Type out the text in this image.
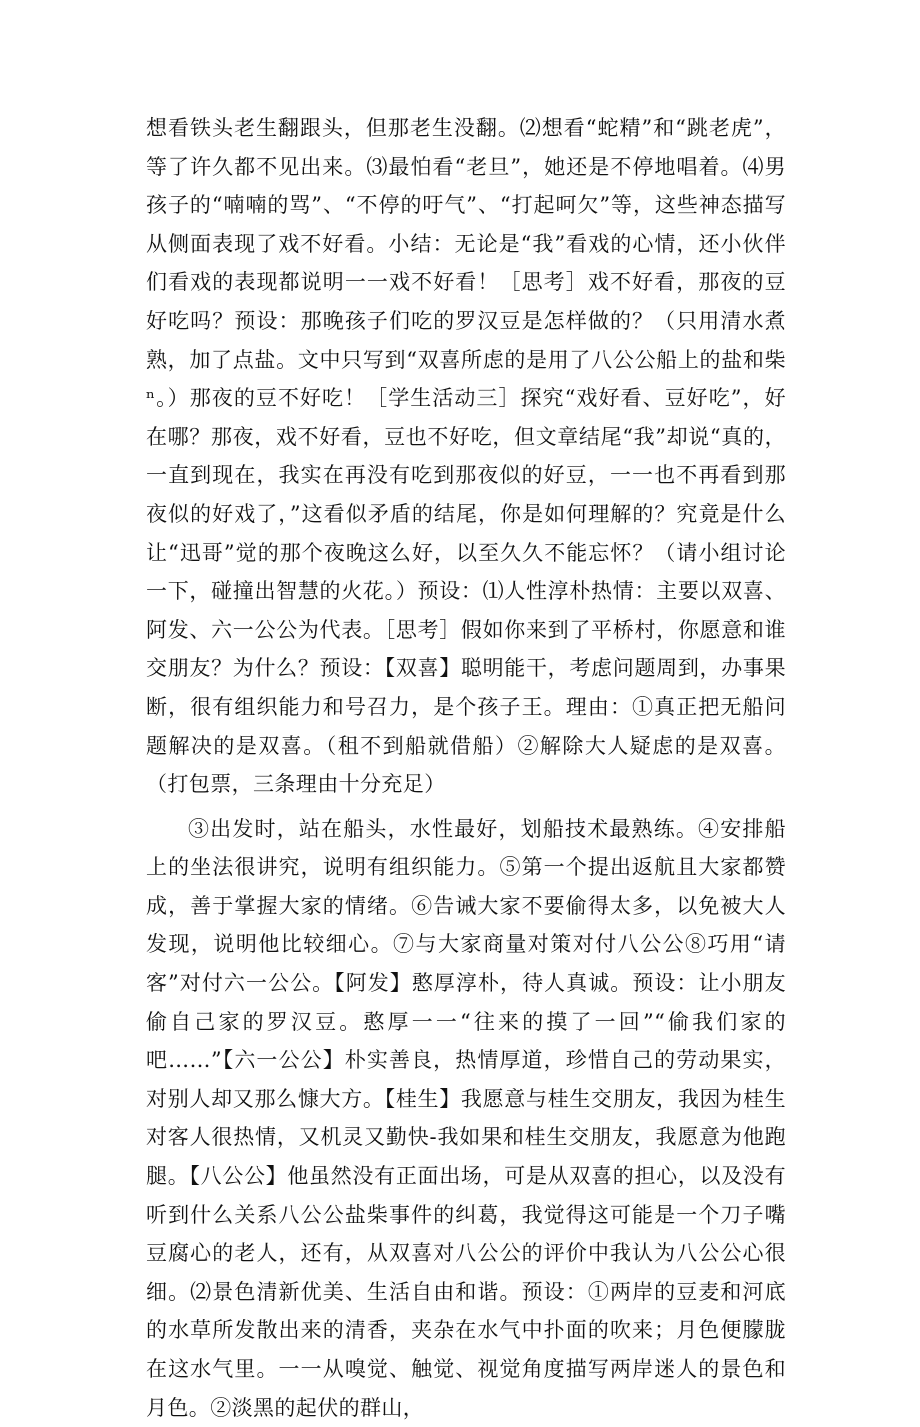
想看铁头老生翻跟头，但那老生没翻。⑵想看“蛇精”和“跳老虎”，等了许久都不见出来。⑶最怕看“老旦”，她还是不停地唱着。⑷男孩子的“喃喃的骂”、“不停的吁气”、“打起呵欠”等，这些神态描写从侧面表现了戏不好看。小结：无论是“我”看戏的心情，还小伙伴们看戏的表现都说明一一戏不好看！［思考］戏不好看，那夜的豆好吃吗？预设：那晚孩子们吃的罗汉豆是怎样做的？（只用清水煮熟，加了点盐。文中只写到“双喜所虑的是用了八公公船上的盐和柴ⁿ。）那夜的豆不好吃！［学生活动三］探究“戏好看、豆好吃”，好在哪？那夜，戏不好看，豆也不好吃，但文章结尾“我”却说“真的，一直到现在，我实在再没有吃到那夜似的好豆，一一也不再看到那夜似的好戏了，”这看似矛盾的结尾，你是如何理解的？究竟是什么让“迅哥”觉的那个夜晚这么好，以至久久不能忘怀？（请小组讨论一下，碰撞出智慧的火花。）预设：⑴人性淳朴热情：主要以双喜、阿发、六一公公为代表。［思考］假如你来到了平桥村，你愿意和谁交朋友？为什么？预设：【双喜】聪明能干，考虑问题周到，办事果断，很有组织能力和号召力，是个孩子王。理由：①真正把无船问题解决的是双喜。（租不到船就借船）②解除大人疑虑的是双喜。（打包票，三条理由十分充足）

③出发时，站在船头，水性最好，划船技术最熟练。④安排船上的坐法很讲究，说明有组织能力。⑤第一个提出返航且大家都赞成，善于掌握大家的情绪。⑥告诫大家不要偷得太多，以免被大人发现，说明他比较细心。⑦与大家商量对策对付八公公⑧巧用“请客”对付六一公公。【阿发】憨厚淳朴，待人真诚。预设：让小朋友偷自己家的罗汉豆。憨厚一一“往来的摸了一回”“偷我们家的吧……”【六一公公】朴实善良，热情厚道，珍惜自己的劳动果实，对别人却又那么慷大方。【桂生】我愿意与桂生交朋友，我因为桂生对客人很热情，又机灵又勤快-我如果和桂生交朋友，我愿意为他跑腿。【八公公】他虽然没有正面出场，可是从双喜的担心，以及没有听到什么关系八公公盐柴事件的纠葛，我觉得这可能是一个刀子嘴豆腐心的老人，还有，从双喜对八公公的评价中我认为八公公心很细。⑵景色清新优美、生活自由和谐。预设：①两岸的豆麦和河底的水草所发散出来的清香，夹杂在水气中扑面的吹来；月色便朦胧在这水气里。一一从嗅觉、触觉、视觉角度描写两岸迷人的景色和月色。②淡黑的起伏的群山，
